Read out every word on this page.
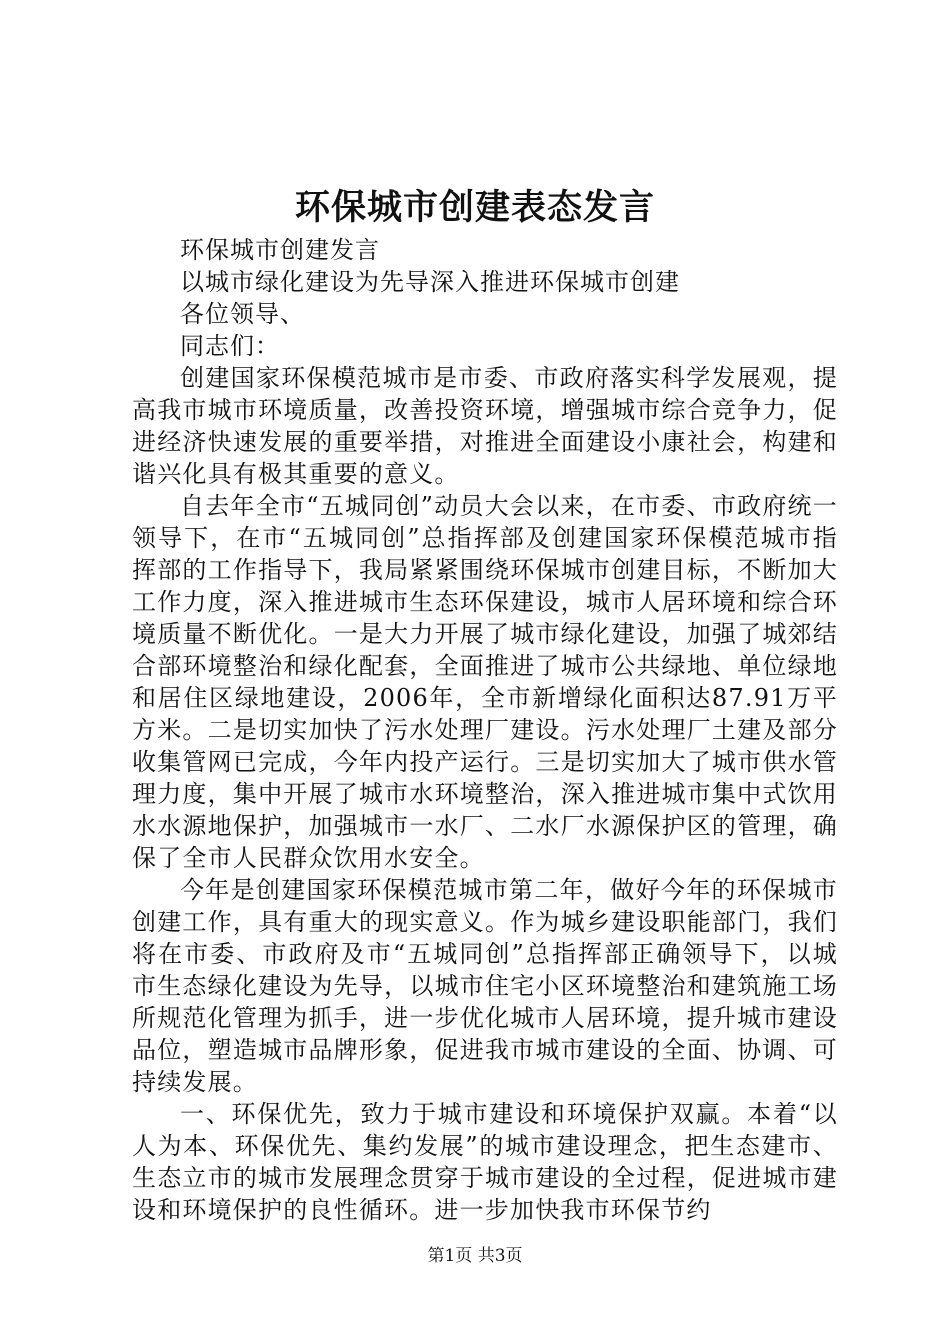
环保城市创建表态发言
环保城市创建发言
以城市绿化建设为先导深入推进环保城市创建
各位领导、
同志们：

创建国家环保模范城市是市委、市政府落实科学发展观，提高我市城市环境质量，改善投资环境，增强城市综合竞争力，促进经济快速发展的重要举措，对推进全面建设小康社会，构建和谐兴化具有极其重要的意义。

自去年全市“五城同创”动员大会以来，在市委、市政府统一领导下，在市“五城同创”总指挥部及创建国家环保模范城市指挥部的工作指导下，我局紧紧围绕环保城市创建目标，不断加大工作力度，深入推进城市生态环保建设，城市人居环境和综合环境质量不断优化。一是大力开展了城市绿化建设，加强了城郊结合部环境整治和绿化配套，全面推进了城市公共绿地、单位绿地和居住区绿地建设，2006年，全市新增绿化面积达87.91万平方米。二是切实加快了污水处理厂建设。污水处理厂土建及部分收集管网已完成，今年内投产运行。三是切实加大了城市供水管理力度，集中开展了城市水环境整治，深入推进城市集中式饮用水水源地保护，加强城市一水厂、二水厂水源保护区的管理，确保了全市人民群众饮用水安全。

今年是创建国家环保模范城市第二年，做好今年的环保城市创建工作，具有重大的现实意义。作为城乡建设职能部门，我们将在市委、市政府及市“五城同创”总指挥部正确领导下，以城市生态绿化建设为先导，以城市住宅小区环境整治和建筑施工场所规范化管理为抓手，进一步优化城市人居环境，提升城市建设品位，塑造城市品牌形象，促进我市城市建设的全面、协调、可持续发展。

一、环保优先，致力于城市建设和环境保护双赢。本着“以人为本、环保优先、集约发展”的城市建设理念，把生态建市、生态立市的城市发展理念贯穿于城市建设的全过程，促进城市建设和环境保护的良性循环。进一步加快我市环保节约

第1页 共3页
